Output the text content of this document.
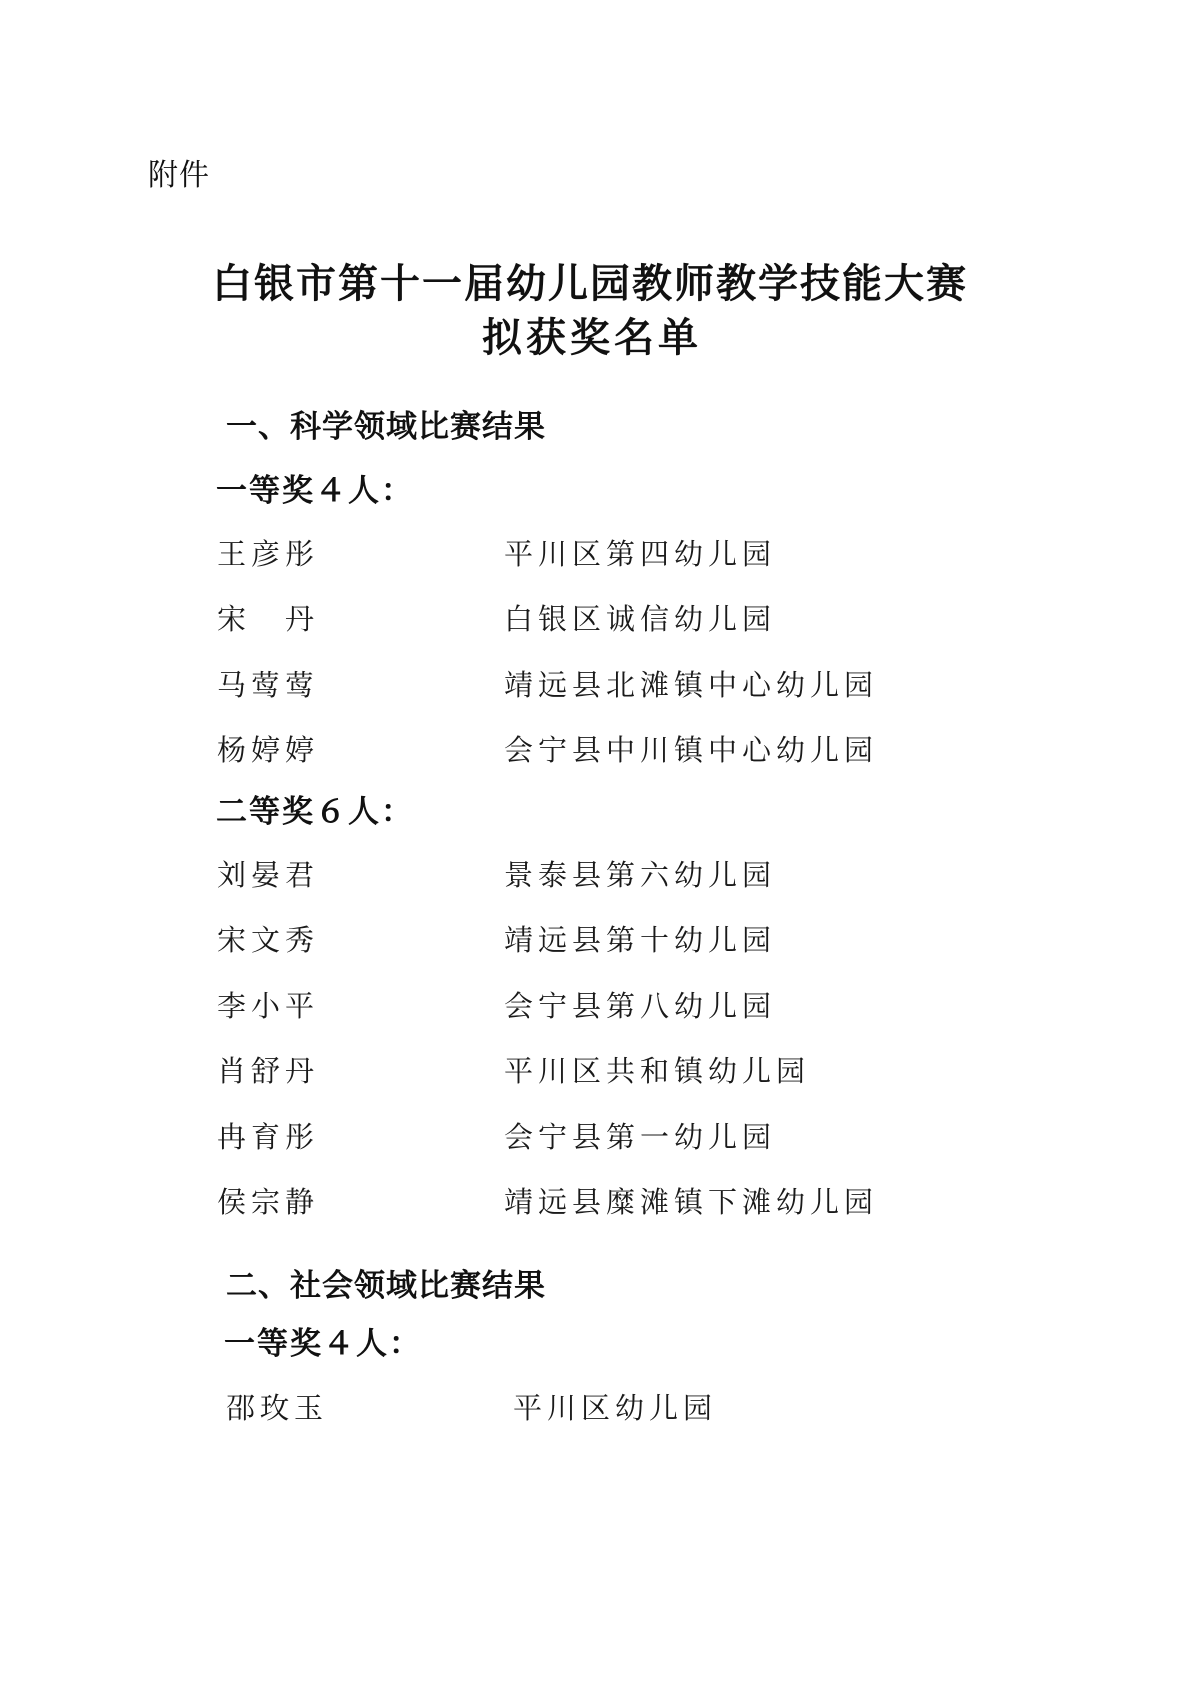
附件
白银市第十一届幼儿园教师教学技能大赛
拟获奖名单
一、科学领域比赛结果
一等奖４人：
王彦彤	平川区第四幼儿园
宋　丹	白银区诚信幼儿园
马莺莺	靖远县北滩镇中心幼儿园
杨婷婷	会宁县中川镇中心幼儿园
二等奖６人：
刘晏君	景泰县第六幼儿园
宋文秀	靖远县第十幼儿园
李小平	会宁县第八幼儿园
肖舒丹	平川区共和镇幼儿园
冉育彤	会宁县第一幼儿园
侯宗静	靖远县糜滩镇下滩幼儿园
二、社会领域比赛结果
一等奖４人：
邵玫玉	平川区幼儿园
